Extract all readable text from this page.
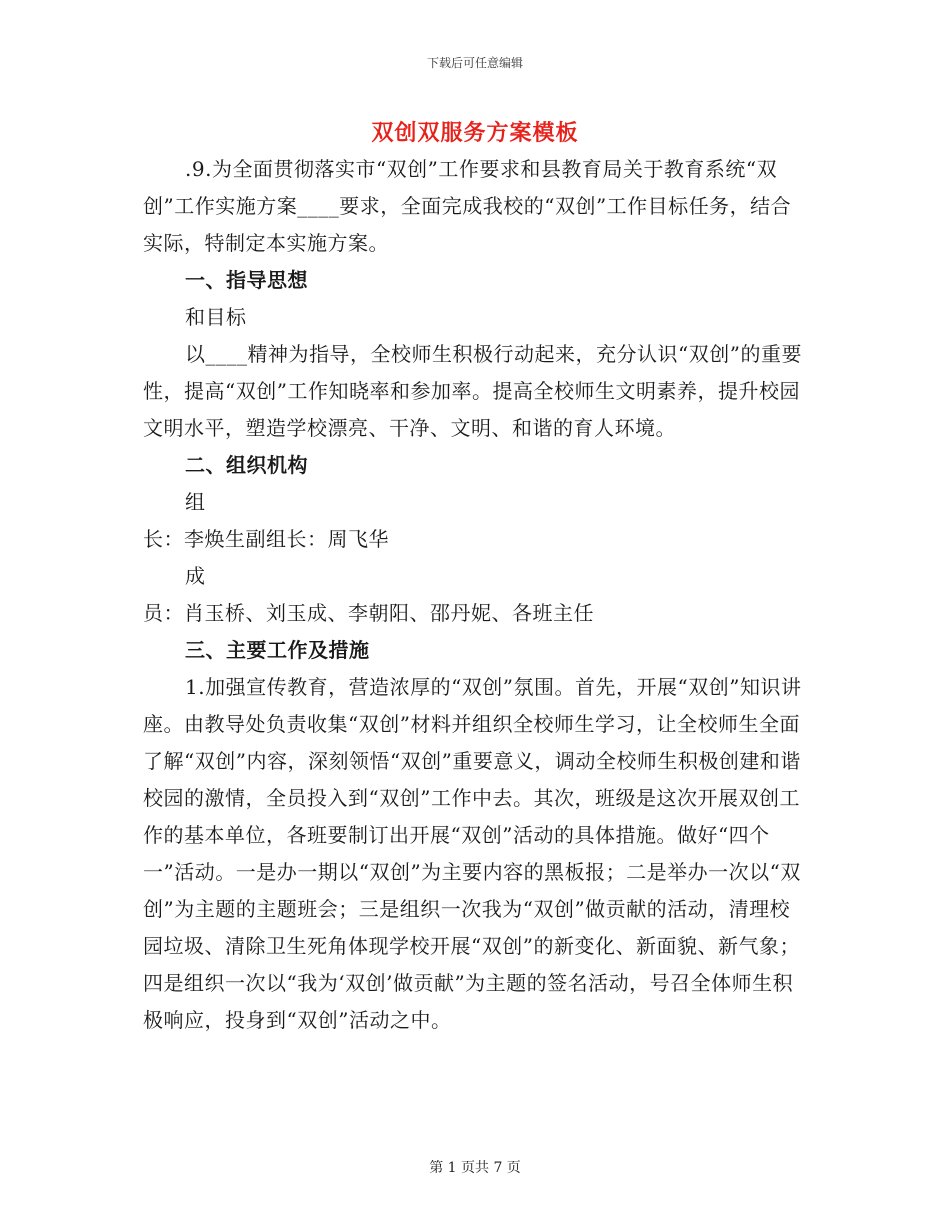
下载后可任意编辑
双创双服务方案模板

.9.为全面贯彻落实市“双创”工作要求和县教育局关于教育系统“双创”工作实施方案____要求，全面完成我校的“双创”工作目标任务，结合实际，特制定本实施方案。

一、指导思想

和目标

以____精神为指导，全校师生积极行动起来，充分认识“双创”的重要性，提高“双创”工作知晓率和参加率。提高全校师生文明素养，提升校园文明水平，塑造学校漂亮、干净、文明、和谐的育人环境。

二、组织机构

组

长：李焕生副组长：周飞华

成

员：肖玉桥、刘玉成、李朝阳、邵丹妮、各班主任

三、主要工作及措施

1.加强宣传教育，营造浓厚的“双创”氛围。首先，开展“双创”知识讲座。由教导处负责收集“双创”材料并组织全校师生学习，让全校师生全面了解“双创”内容，深刻领悟“双创”重要意义，调动全校师生积极创建和谐校园的激情，全员投入到“双创”工作中去。其次，班级是这次开展双创工作的基本单位，各班要制订出开展“双创”活动的具体措施。做好“四个一”活动。一是办一期以“双创”为主要内容的黑板报；二是举办一次以“双创”为主题的主题班会；三是组织一次我为“双创”做贡献的活动，清理校园垃圾、清除卫生死角体现学校开展“双创”的新变化、新面貌、新气象；四是组织一次以“我为‘双创’做贡献”为主题的签名活动，号召全体师生积极响应，投身到“双创”活动之中。

第 1 页共 7 页
